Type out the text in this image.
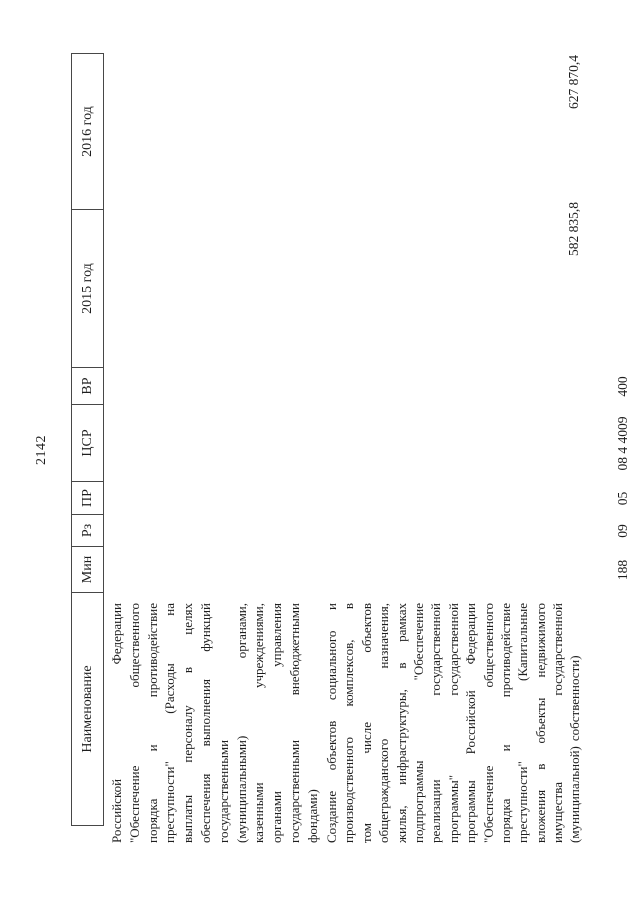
2142
Наименование
Мин
Рз
ПР
ЦСР
ВР
2015 год
2016 год
Российской
Федерации
"Обеспечение
общественного
порядка
и
противодействие
преступности"
(Расходы
на
выплаты
персоналу
в
целях
обеспечения
выполнения
функций
государственными (муниципальными)
органами,
казенными
учреждениями,
органами
управления
государственными
внебюджетными
фондами) Создание
объектов
социального
и
производственного
комплексов,
в
том
числе
объектов
общегражданского
назначения,
жилья,
инфраструктуры,
в
рамках
подпрограммы
"Обеспечение
реализации
государственной
программы"
государственной
программы
Российской
Федерации
"Обеспечение
общественного
порядка
и
противодействие
преступности"
(Капитальные
вложения
в
объекты
недвижимого
имущества
государственной
(муниципальной)
собственности)
582 835,8
627 870,4
188
09
05
08 4 4009
400
